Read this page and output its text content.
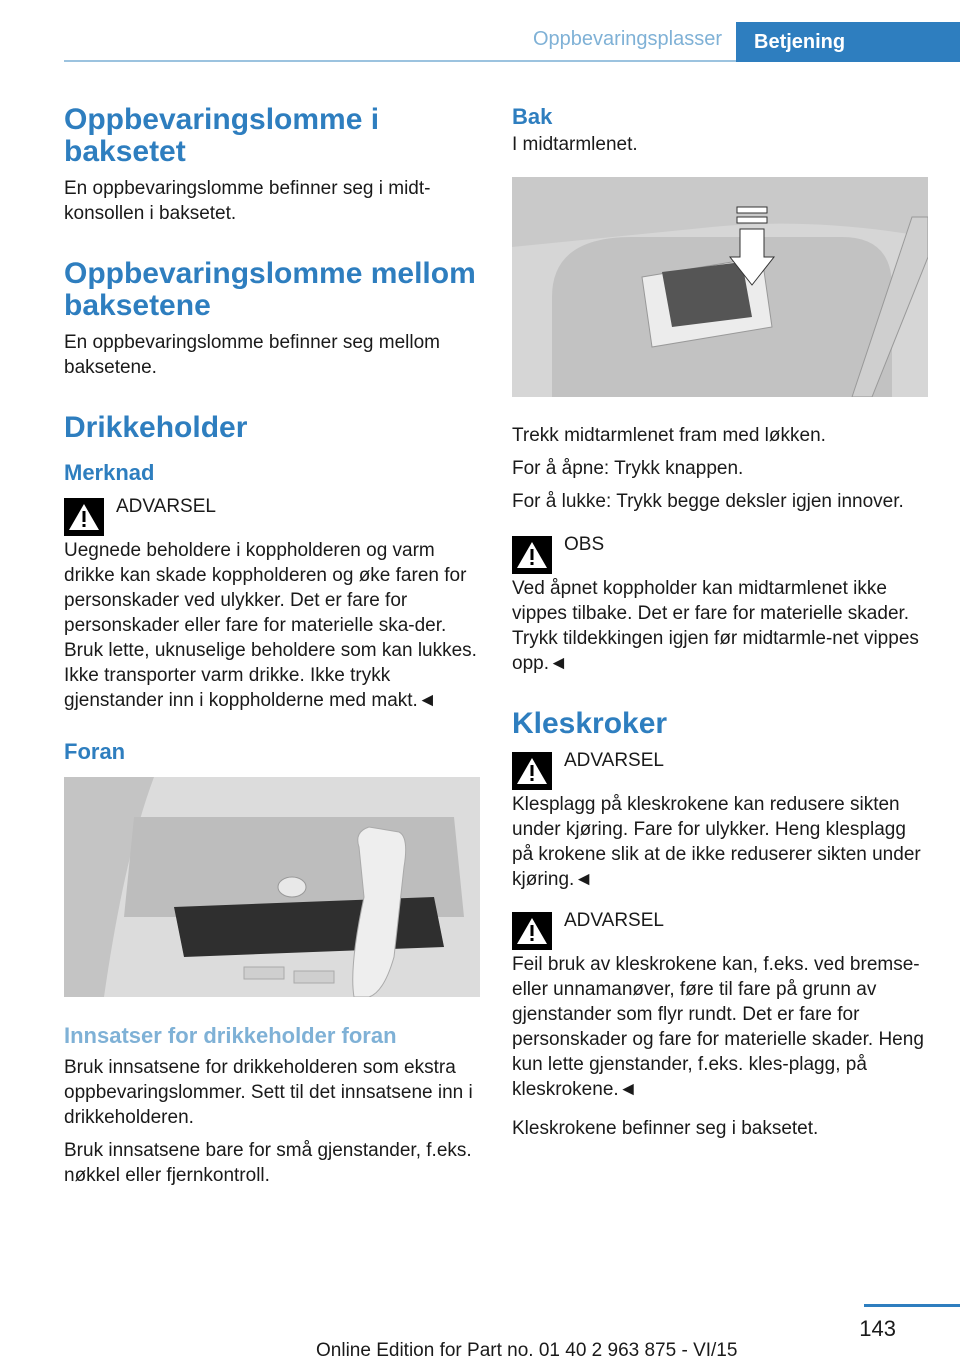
Oppbevaringsplasser	Betjening
Oppbevaringslomme i baksetet

En oppbevaringslomme befinner seg i midt-konsollen i baksetet.

Oppbevaringslomme mellom baksetene

En oppbevaringslomme befinner seg mellom baksetene.

Drikkeholder
Merknad
ADVARSEL

Uegnede beholdere i koppholderen og varm drikke kan skade koppholderen og øke faren for personskader ved ulykker. Det er fare for personskader eller fare for materielle ska-der. Bruk lette, uknuselige beholdere som kan lukkes. Ikke transporter varm drikke. Ikke trykk gjenstander inn i koppholderne med makt.◄

Foran
Innsatser for drikkeholder foran

Bruk innsatsene for drikkeholderen som ekstra oppbevaringslommer. Sett til det innsatsene inn i drikkeholderen.

Bruk innsatsene bare for små gjenstander, f.eks. nøkkel eller fjernkontroll.

Bak

I midtarmlenet.

Trekk midtarmlenet fram med løkken.

For å åpne: Trykk knappen.

For å lukke: Trykk begge deksler igjen innover.

OBS

Ved åpnet koppholder kan midtarmlenet ikke vippes tilbake. Det er fare for materielle skader. Trykk tildekkingen igjen før midtarmle-net vippes opp.◄

Kleskroker
ADVARSEL

Klesplagg på kleskrokene kan redusere sikten under kjøring. Fare for ulykker. Heng klesplagg på krokene slik at de ikke reduserer sikten under kjøring.◄

ADVARSEL

Feil bruk av kleskrokene kan, f.eks. ved bremse- eller unnamanøver, føre til fare på grunn av gjenstander som flyr rundt. Det er fare for personskader og fare for materielle skader. Heng kun lette gjenstander, f.eks. kles-plagg, på kleskrokene.◄

Kleskrokene befinner seg i baksetet.

143
Online Edition for Part no. 01 40 2 963 875 - VI/15
